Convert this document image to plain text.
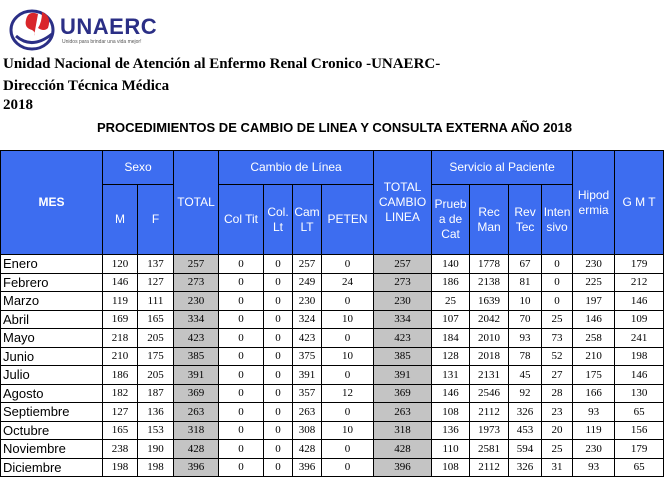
UNAERC
Unidos para brindar una vida mejor!
Unidad Nacional de Atención al Enfermo Renal Cronico -UNAERC-
Dirección Técnica Médica
2018
PROCEDIMIENTOS DE CAMBIO DE LINEA Y CONSULTA EXTERNA AÑO 2018
MES	Sexo		TOTAL	Cambio de Línea				TOTAL CAMBIO LINEA	Servicio al Paciente				Hipod ermia	G M T
	M	F		Col Tit	Col. Lt	Cam LT	PETEN		Prueb a de Cat	Rec Man	Rev Tec	Inten sivo		
Enero	120	137	257	0	0	257	0	257	140	1778	67	0	230	179
Febrero	146	127	273	0	0	249	24	273	186	2138	81	0	225	212
Marzo	119	111	230	0	0	230	0	230	25	1639	10	0	197	146
Abril	169	165	334	0	0	324	10	334	107	2042	70	25	146	109
Mayo	218	205	423	0	0	423	0	423	184	2010	93	73	258	241
Junio	210	175	385	0	0	375	10	385	128	2018	78	52	210	198
Julio	186	205	391	0	0	391	0	391	131	2131	45	27	175	146
Agosto	182	187	369	0	0	357	12	369	146	2546	92	28	166	130
Septiembre	127	136	263	0	0	263	0	263	108	2112	326	23	93	65
Octubre	165	153	318	0	0	308	10	318	136	1973	453	20	119	156
Noviembre	238	190	428	0	0	428	0	428	110	2581	594	25	230	179
Diciembre	198	198	396	0	0	396	0	396	108	2112	326	31	93	65
